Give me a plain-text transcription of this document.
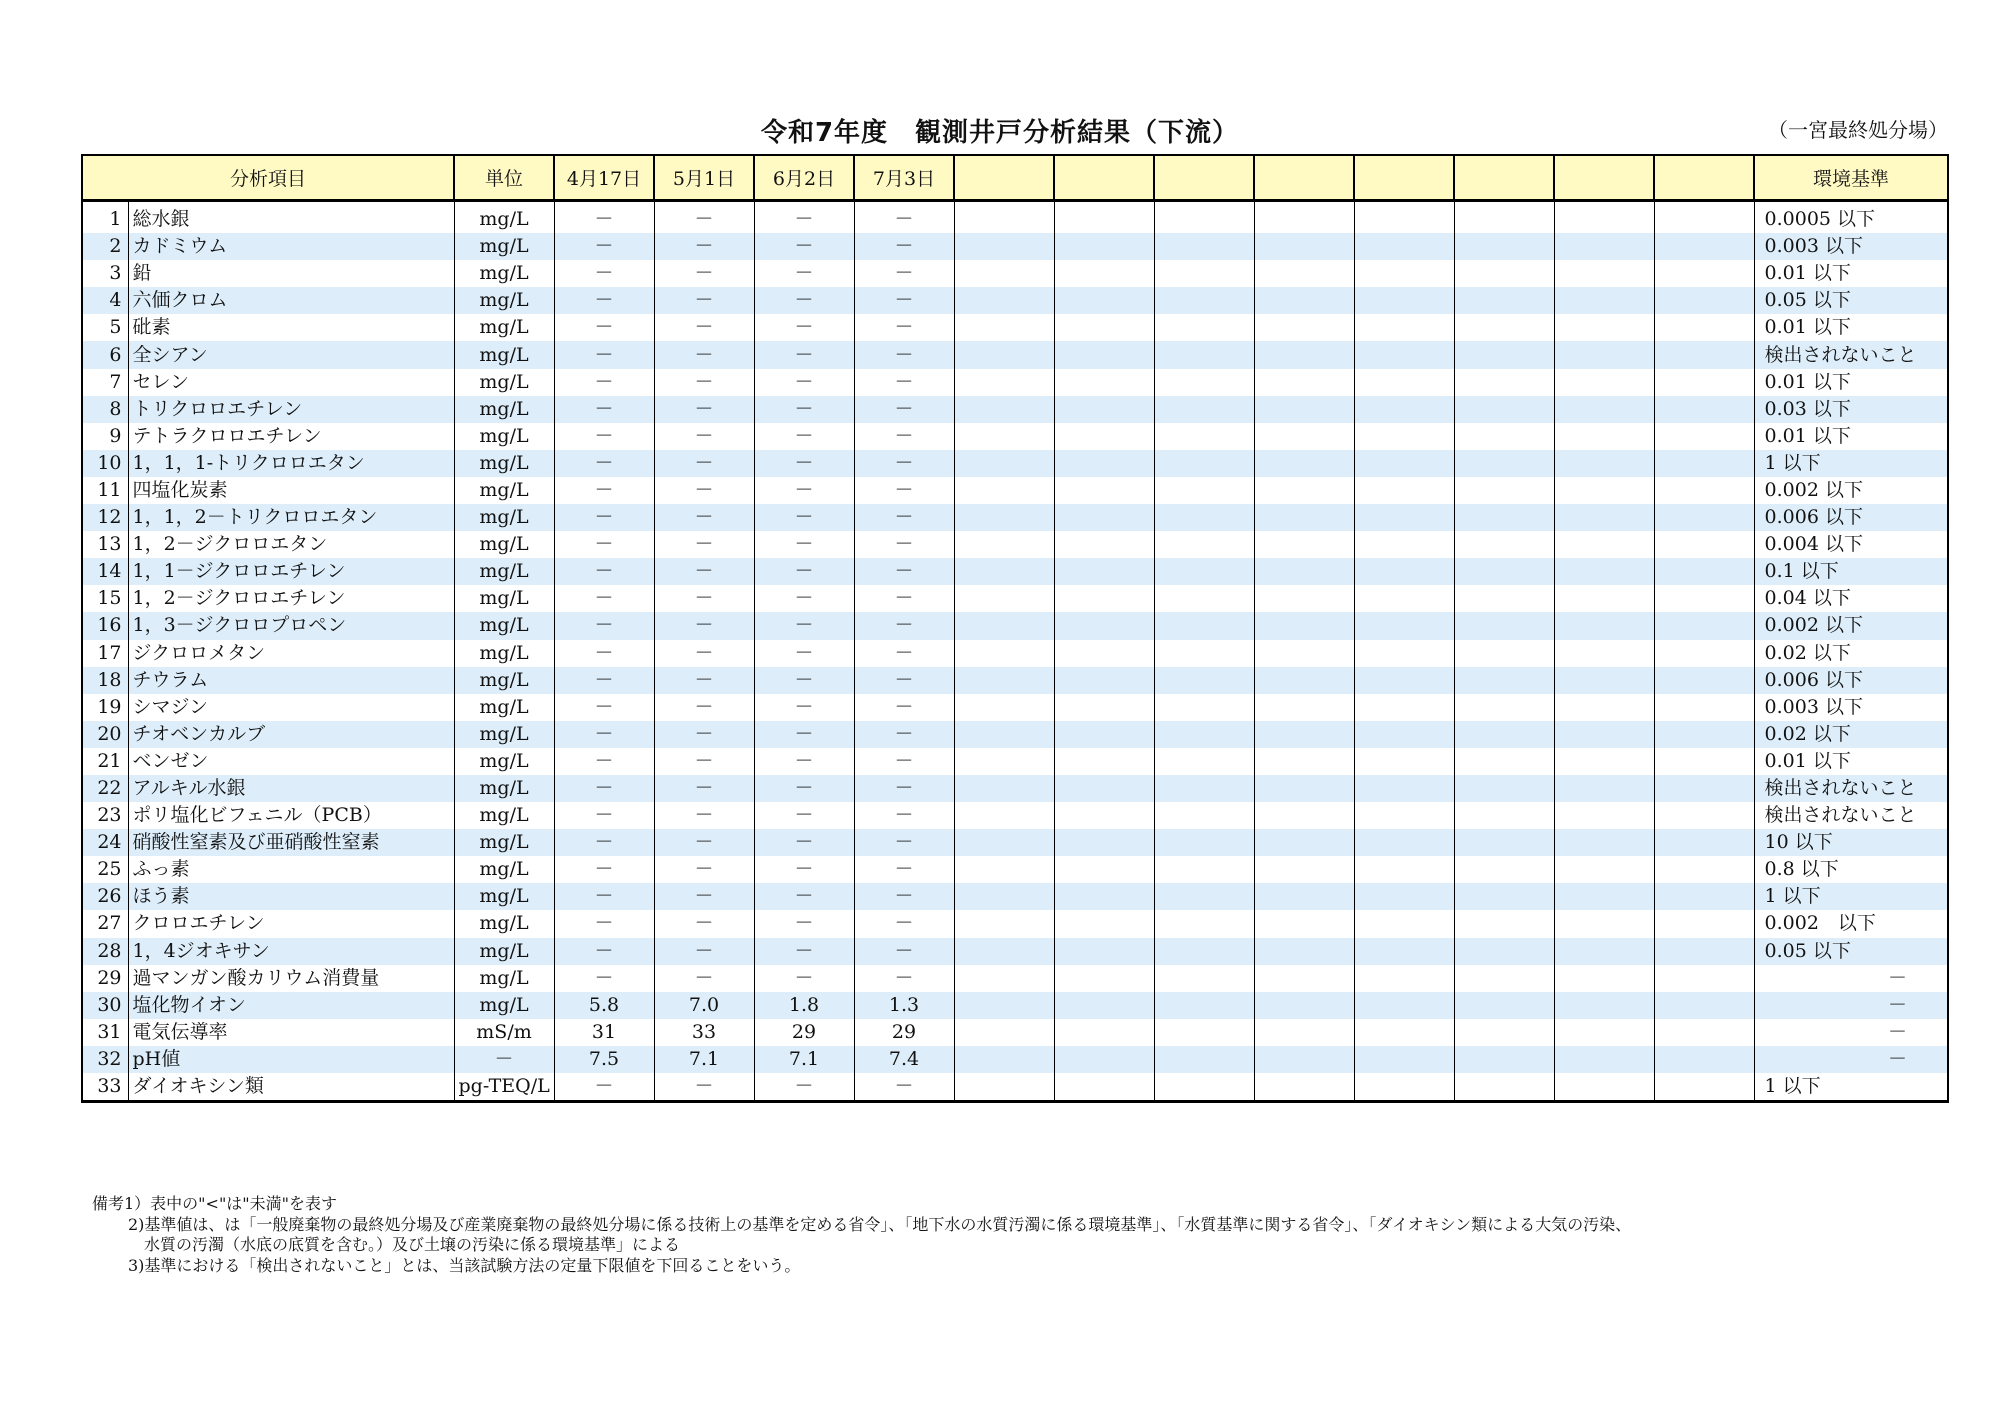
令和7年度　観測井戸分析結果（下流）	（一宮最終処分場）
分析項目		単位	4月17日	5月1日	6月2日	7月3日									環境基準

1	総水銀	mg/L	－	－	－	－									0.0005 以下
2	カドミウム	mg/L	－	－	－	－									0.003 以下
3	鉛	mg/L	－	－	－	－									0.01 以下
4	六価クロム	mg/L	－	－	－	－									0.05 以下
5	砒素	mg/L	－	－	－	－									0.01 以下
6	全シアン	mg/L	－	－	－	－									検出されないこと
7	セレン	mg/L	－	－	－	－									0.01 以下
8	トリクロロエチレン	mg/L	－	－	－	－									0.03 以下
9	テトラクロロエチレン	mg/L	－	－	－	－									0.01 以下
10	1，1，1-トリクロロエタン	mg/L	－	－	－	－									1 以下
11	四塩化炭素	mg/L	－	－	－	－									0.002 以下
12	1，1，2－トリクロロエタン	mg/L	－	－	－	－									0.006 以下
13	1，2－ジクロロエタン	mg/L	－	－	－	－									0.004 以下
14	1，1－ジクロロエチレン	mg/L	－	－	－	－									0.1 以下
15	1，2－ジクロロエチレン	mg/L	－	－	－	－									0.04 以下
16	1，3－ジクロロプロペン	mg/L	－	－	－	－									0.002 以下
17	ジクロロメタン	mg/L	－	－	－	－									0.02 以下
18	チウラム	mg/L	－	－	－	－									0.006 以下
19	シマジン	mg/L	－	－	－	－									0.003 以下
20	チオベンカルブ	mg/L	－	－	－	－									0.02 以下
21	ベンゼン	mg/L	－	－	－	－									0.01 以下
22	アルキル水銀	mg/L	－	－	－	－									検出されないこと
23	ポリ塩化ビフェニル（PCB）	mg/L	－	－	－	－									検出されないこと
24	硝酸性窒素及び亜硝酸性窒素	mg/L	－	－	－	－									10 以下
25	ふっ素	mg/L	－	－	－	－									0.8 以下
26	ほう素	mg/L	－	－	－	－									1 以下
27	クロロエチレン	mg/L	－	－	－	－									0.002　以下
28	1，4ジオキサン	mg/L	－	－	－	－									0.05 以下
29	過マンガン酸カリウム消費量	mg/L	－	－	－	－									－
30	塩化物イオン	mg/L	5.8	7.0	1.8	1.3									－
31	電気伝導率	mS/m	31	33	29	29									－
32	pH値	－	7.5	7.1	7.1	7.4									－
33	ダイオキシン類	pg-TEQ/L	－	－	－	－									1 以下
備考1）表中の"<"は"未満"を表す
2)基準値は、は「一般廃棄物の最終処分場及び産業廃棄物の最終処分場に係る技術上の基準を定める省令」、「地下水の水質汚濁に係る環境基準」、「水質基準に関する省令」、「ダイオキシン類による大気の汚染、
水質の汚濁（水底の底質を含む。）及び土壌の汚染に係る環境基準」による
3)基準における「検出されないこと」とは、当該試験方法の定量下限値を下回ることをいう。
